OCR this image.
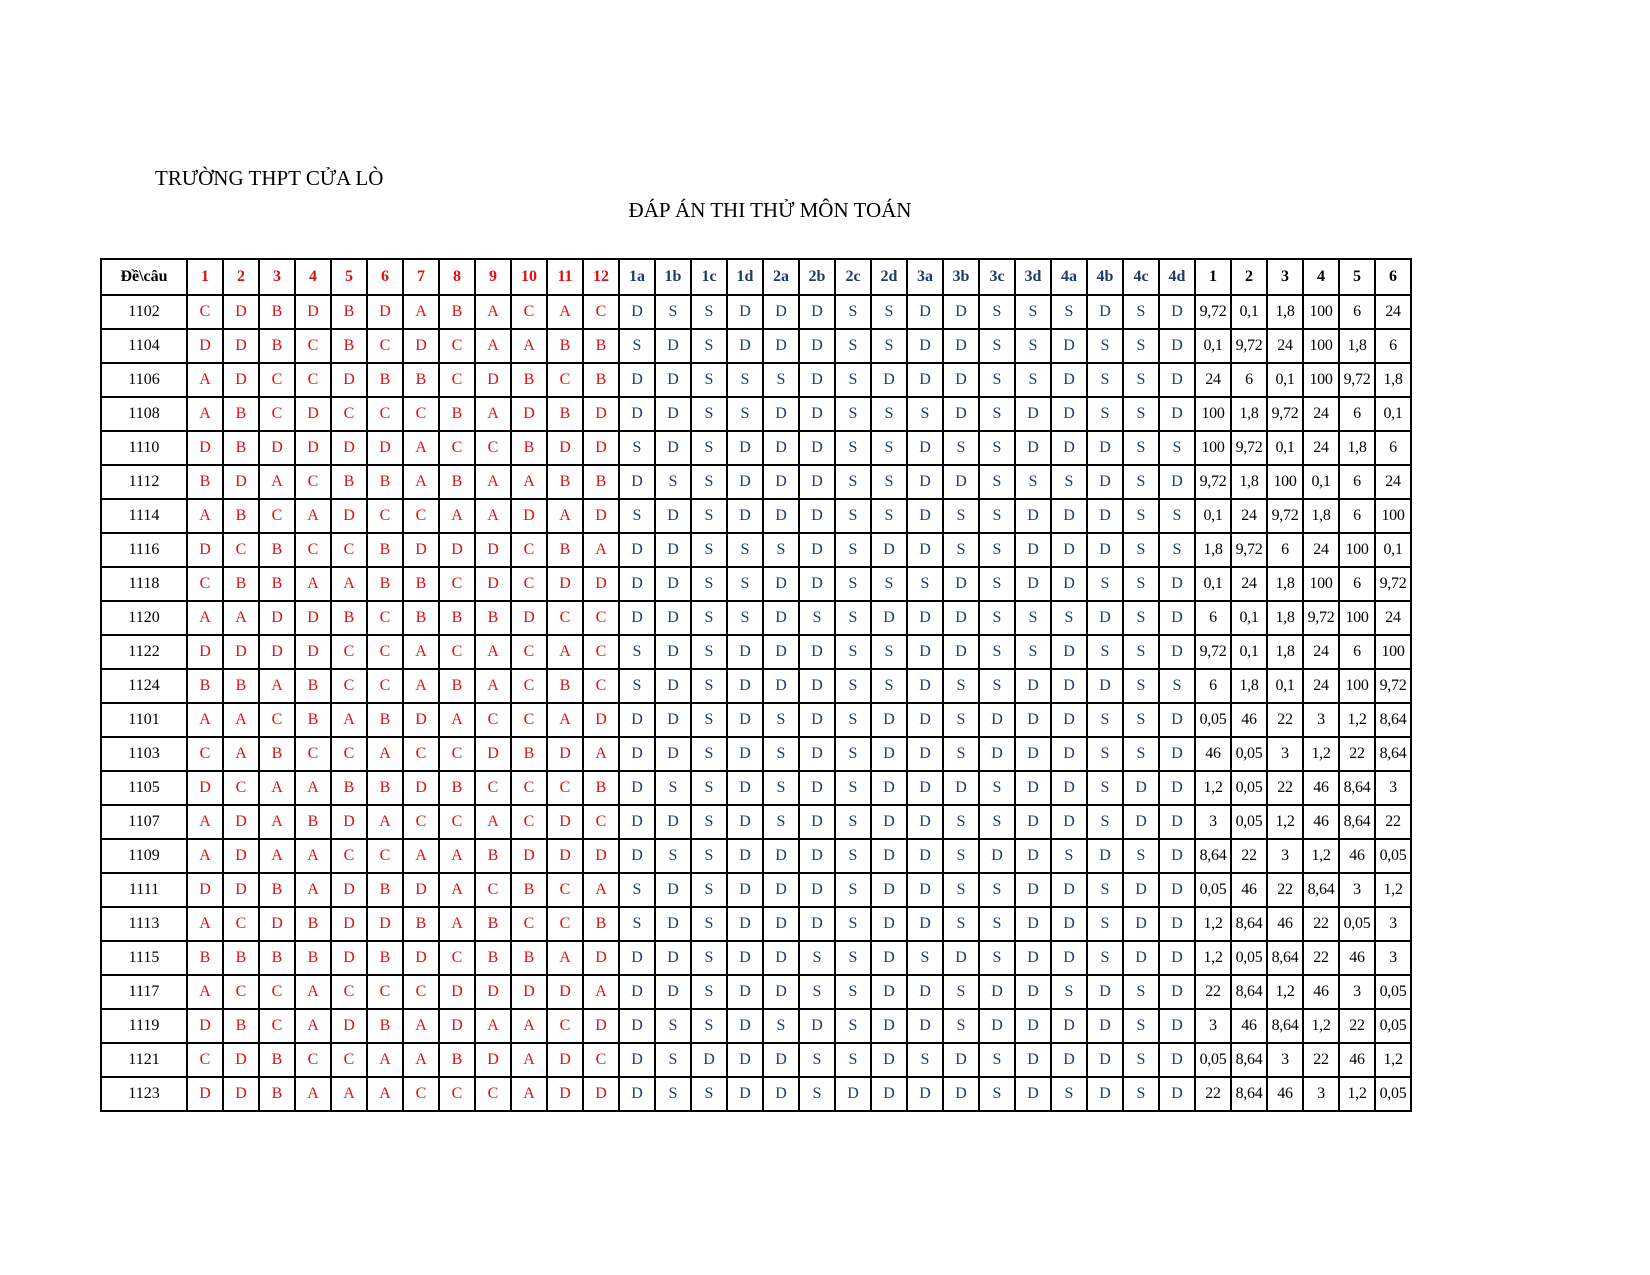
TRƯỜNG THPT CỬA LÒ
ĐÁP ÁN THI THỬ MÔN TOÁN
Đề\câu	1	2	3	4	5	6	7	8	9	10	11	12	1a	1b	1c	1d	2a	2b	2c	2d	3a	3b	3c	3d	4a	4b	4c	4d	1	2	3	4	5	6
1102	C	D	B	D	B	D	A	B	A	C	A	C	D	S	S	D	D	D	S	S	D	D	S	S	S	D	S	D	9,72	0,1	1,8	100	6	24
1104	D	D	B	C	B	C	D	C	A	A	B	B	S	D	S	D	D	D	S	S	D	D	S	S	D	S	S	D	0,1	9,72	24	100	1,8	6
1106	A	D	C	C	D	B	B	C	D	B	C	B	D	D	S	S	S	D	S	D	D	D	S	S	D	S	S	D	24	6	0,1	100	9,72	1,8
1108	A	B	C	D	C	C	C	B	A	D	B	D	D	D	S	S	D	D	S	S	S	D	S	D	D	S	S	D	100	1,8	9,72	24	6	0,1
1110	D	B	D	D	D	D	A	C	C	B	D	D	S	D	S	D	D	D	S	S	D	S	S	D	D	D	S	S	100	9,72	0,1	24	1,8	6
1112	B	D	A	C	B	B	A	B	A	A	B	B	D	S	S	D	D	D	S	S	D	D	S	S	S	D	S	D	9,72	1,8	100	0,1	6	24
1114	A	B	C	A	D	C	C	A	A	D	A	D	S	D	S	D	D	D	S	S	D	S	S	D	D	D	S	S	0,1	24	9,72	1,8	6	100
1116	D	C	B	C	C	B	D	D	D	C	B	A	D	D	S	S	S	D	S	D	D	S	S	D	D	D	S	S	1,8	9,72	6	24	100	0,1
1118	C	B	B	A	A	B	B	C	D	C	D	D	D	D	S	S	D	D	S	S	S	D	S	D	D	S	S	D	0,1	24	1,8	100	6	9,72
1120	A	A	D	D	B	C	B	B	B	D	C	C	D	D	S	S	D	S	S	D	D	D	S	S	S	D	S	D	6	0,1	1,8	9,72	100	24
1122	D	D	D	D	C	C	A	C	A	C	A	C	S	D	S	D	D	D	S	S	D	D	S	S	D	S	S	D	9,72	0,1	1,8	24	6	100
1124	B	B	A	B	C	C	A	B	A	C	B	C	S	D	S	D	D	D	S	S	D	S	S	D	D	D	S	S	6	1,8	0,1	24	100	9,72
1101	A	A	C	B	A	B	D	A	C	C	A	D	D	D	S	D	S	D	S	D	D	S	D	D	D	S	S	D	0,05	46	22	3	1,2	8,64
1103	C	A	B	C	C	A	C	C	D	B	D	A	D	D	S	D	S	D	S	D	D	S	D	D	D	S	S	D	46	0,05	3	1,2	22	8,64
1105	D	C	A	A	B	B	D	B	C	C	C	B	D	S	S	D	S	D	S	D	D	D	S	D	D	S	D	D	1,2	0,05	22	46	8,64	3
1107	A	D	A	B	D	A	C	C	A	C	D	C	D	D	S	D	S	D	S	D	D	S	S	D	D	S	D	D	3	0,05	1,2	46	8,64	22
1109	A	D	A	A	C	C	A	A	B	D	D	D	D	S	S	D	D	D	S	D	D	S	D	D	S	D	S	D	8,64	22	3	1,2	46	0,05
1111	D	D	B	A	D	B	D	A	C	B	C	A	S	D	S	D	D	D	S	D	D	S	S	D	D	S	D	D	0,05	46	22	8,64	3	1,2
1113	A	C	D	B	D	D	B	A	B	C	C	B	S	D	S	D	D	D	S	D	D	S	S	D	D	S	D	D	1,2	8,64	46	22	0,05	3
1115	B	B	B	B	D	B	D	C	B	B	A	D	D	D	S	D	D	S	S	D	S	D	S	D	D	S	D	D	1,2	0,05	8,64	22	46	3
1117	A	C	C	A	C	C	C	D	D	D	D	A	D	D	S	D	D	S	S	D	D	S	D	D	S	D	S	D	22	8,64	1,2	46	3	0,05
1119	D	B	C	A	D	B	A	D	A	A	C	D	D	S	S	D	S	D	S	D	D	S	D	D	D	D	S	D	3	46	8,64	1,2	22	0,05
1121	C	D	B	C	C	A	A	B	D	A	D	C	D	S	D	D	D	S	S	D	S	D	S	D	D	D	S	D	0,05	8,64	3	22	46	1,2
1123	D	D	B	A	A	A	C	C	C	A	D	D	D	S	S	D	D	S	D	D	D	D	S	D	S	D	S	D	22	8,64	46	3	1,2	0,05
